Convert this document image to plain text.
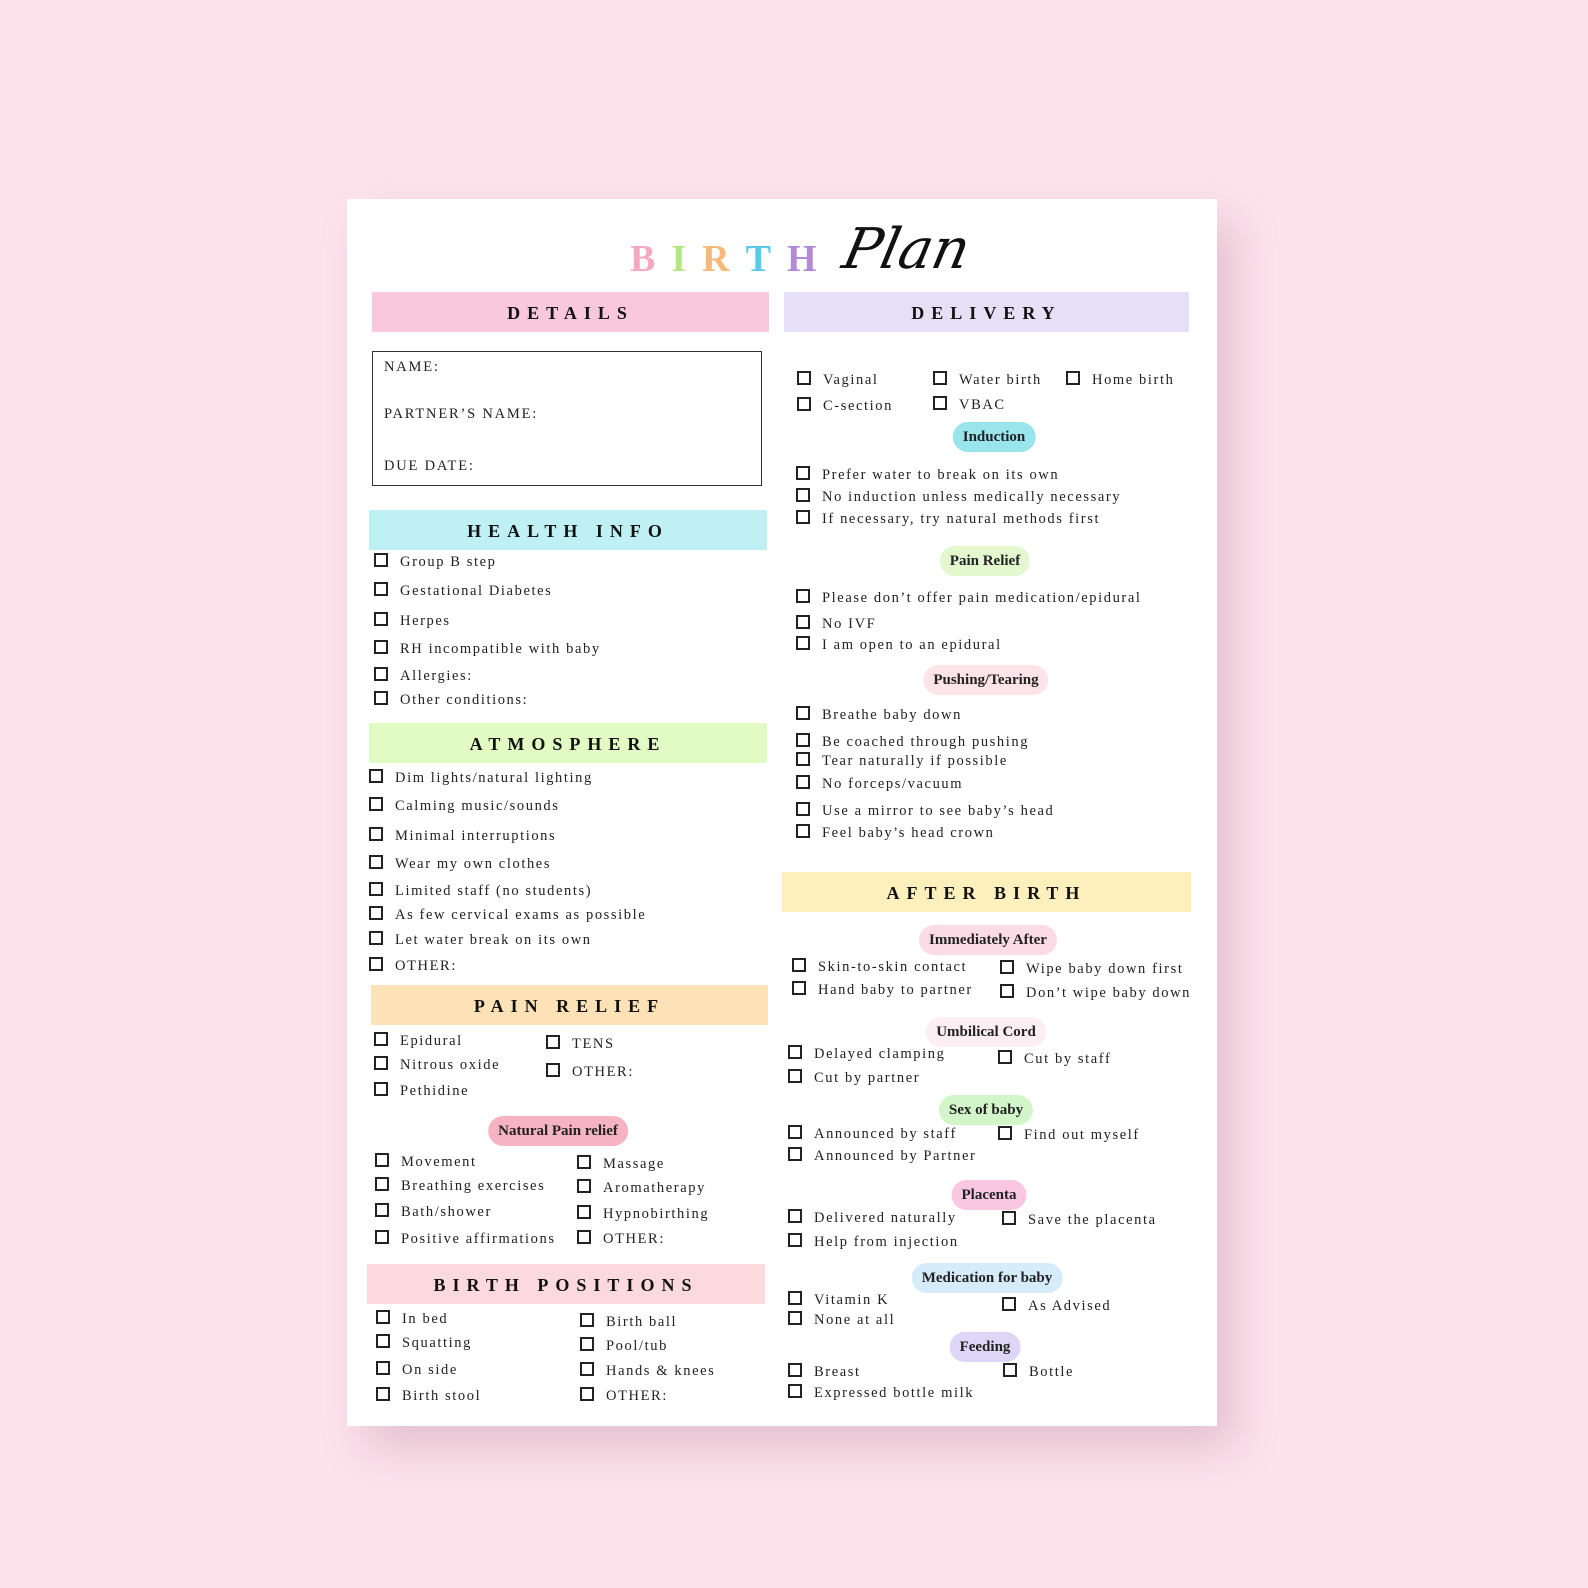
BIRTH Plan
DETAILS
NAME:
PARTNER’S NAME:
DUE DATE:
HEALTH INFO
Group B step
Gestational Diabetes
Herpes
RH incompatible with baby
Allergies:
Other conditions:
ATMOSPHERE
Dim lights/natural lighting
Calming music/sounds
Minimal interruptions
Wear my own clothes
Limited staff (no students)
As few cervical exams as possible
Let water break on its own
OTHER:
PAIN RELIEF
Epidural
Nitrous oxide
Pethidine
TENS
OTHER:
Natural Pain relief
Movement
Breathing exercises
Bath/shower
Positive affirmations
Massage
Aromatherapy
Hypnobirthing
OTHER:
BIRTH POSITIONS
In bed
Squatting
On side
Birth stool
Birth ball
Pool/tub
Hands & knees
OTHER:
DELIVERY
Vaginal
C-section
Water birth
VBAC
Home birth
Induction
Prefer water to break on its own
No induction unless medically necessary
If necessary, try natural methods first
Pain Relief
Please don’t offer pain medication/epidural
No IVF
I am open to an epidural
Pushing/Tearing
Breathe baby down
Be coached through pushing
Tear naturally if possible
No forceps/vacuum
Use a mirror to see baby’s head
Feel baby’s head crown
AFTER BIRTH
Immediately After
Skin-to-skin contact
Hand baby to partner
Wipe baby down first
Don’t wipe baby down
Umbilical Cord
Delayed clamping
Cut by partner
Cut by staff
Sex of baby
Announced by staff
Announced by Partner
Find out myself
Placenta
Delivered naturally
Help from injection
Save the placenta
Medication for baby
Vitamin K
None at all
As Advised
Feeding
Breast
Expressed bottle milk
Bottle
